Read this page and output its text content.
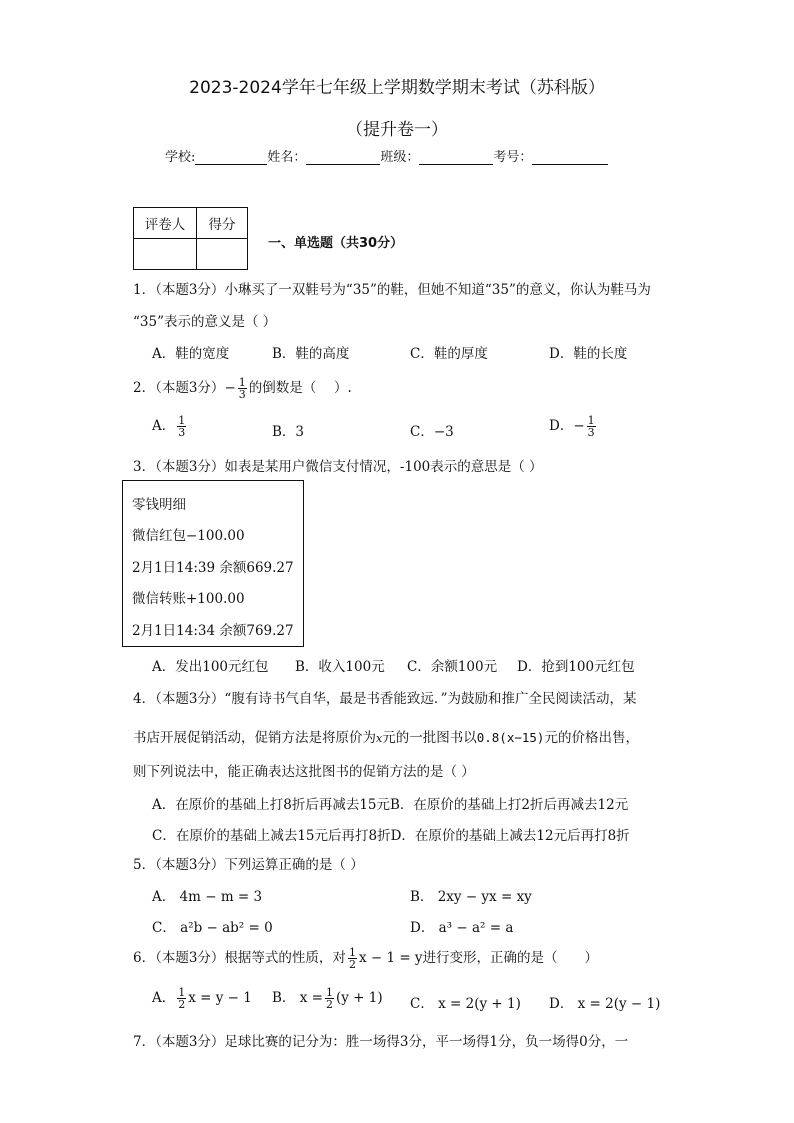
2023-2024学年七年级上学期数学期末考试（苏科版）
（提升卷一）
学校:	姓名：	班级：	考号：
评卷人	得分

一、单选题（共30分）
1．（本题3分）小琳买了一双鞋号为“35”的鞋，但她不知道“35”的意义，你认为鞋马为
“35”表示的意义是（ ）
A．鞋的宽度	B．鞋的高度	C．鞋的厚度	D．鞋的长度
2．（本题3分）− $\frac{1}{3}$ 的倒数是（　 ）.
A． $\frac{1}{3}$	B．3	C．−3	D．− $\frac{1}{3}$
3．（本题3分）如表是某用户微信支付情况，-100表示的意思是（ ）
零钱明细
微信红包−100.00
2月1日14:39 余额669.27
微信转账+100.00
2月1日14:34 余额769.27
A．发出100元红包 B．收入100元 C．余额100元 D．抢到100元红包
4．（本题3分）“腹有诗书气自华，最是书香能致远．”为鼓励和推广全民阅读活动，某
书店开展促销活动，促销方法是将原价为x元的一批图书以0.8(x−15)元的价格出售，
则下列说法中，能正确表达这批图书的促销方法的是（ ）
A．在原价的基础上打8折后再减去15元B．在原价的基础上打2折后再减去12元
C．在原价的基础上减去15元后再打8折D．在原价的基础上减去12元后再打8折
5．（本题3分）下列运算正确的是（ ）
A． 4m − m = 3	B． 2xy − yx = xy
C． a²b − ab² = 0	D． a³ − a² = a
6．（本题3分）根据等式的性质，对 $\frac{1}{2}$ x − 1 = y进行变形，正确的是（　　）
A． $\frac{1}{2}$ x = y − 1 B． $x = \frac{1}{2} (y + 1)$ C． x = 2(y + 1) D． x = 2(y − 1)
7．（本题3分）足球比赛的记分为：胜一场得3分，平一场得1分，负一场得0分，一
